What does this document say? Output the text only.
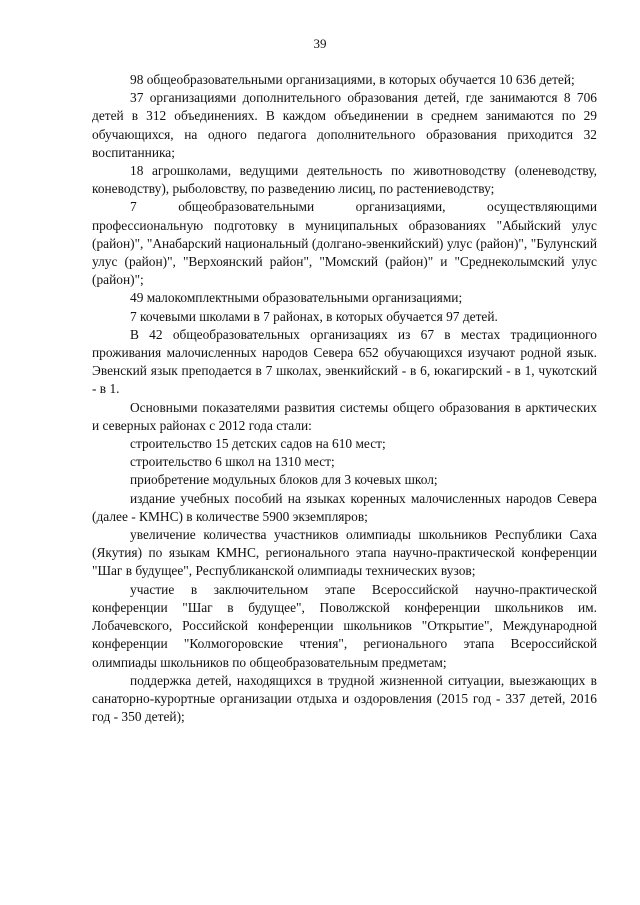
39

98 общеобразовательными организациями, в которых обучается 10 636 детей;

37 организациями дополнительного образования детей, где занимаются 8 706 детей в 312 объединениях. В каждом объединении в среднем занимаются по 29 обучающихся, на одного педагога дополнительного образования приходится 32 воспитанника;

18 агрошколами, ведущими деятельность по животноводству (оленеводству, коневодству), рыболовству, по разведению лисиц, по растениеводству;

7 общеобразовательными организациями, осуществляющими профессиональную подготовку в муниципальных образованиях "Абыйский улус (район)", "Анабарский национальный (долгано-эвенкийский) улус (район)", "Булунский улус (район)", "Верхоянский район", "Момский (район)" и "Среднеколымский улус (район)";

49 малокомплектными образовательными организациями;

7 кочевыми школами в 7 районах, в которых обучается 97 детей.

В 42 общеобразовательных организациях из 67 в местах традиционного проживания малочисленных народов Севера 652 обучающихся изучают родной язык. Эвенский язык преподается в 7 школах, эвенкийский - в 6, юкагирский - в 1, чукотский - в 1.

Основными показателями развития системы общего образования в арктических и северных районах с 2012 года стали:

строительство 15 детских садов на 610 мест;

строительство 6 школ на 1310 мест;

приобретение модульных блоков для 3 кочевых школ;

издание учебных пособий на языках коренных малочисленных народов Севера (далее - КМНС) в количестве 5900 экземпляров;

увеличение количества участников олимпиады школьников Республики Саха (Якутия) по языкам КМНС, регионального этапа научно-практической конференции "Шаг в будущее", Республиканской олимпиады технических вузов;

участие в заключительном этапе Всероссийской научно-практической конференции "Шаг в будущее", Поволжской конференции школьников им. Лобачевского, Российской конференции школьников "Открытие", Международной конференции "Колмогоровские чтения", регионального этапа Всероссийской олимпиады школьников по общеобразовательным предметам;

поддержка детей, находящихся в трудной жизненной ситуации, выезжающих в санаторно-курортные организации отдыха и оздоровления (2015 год - 337 детей, 2016 год - 350 детей);
